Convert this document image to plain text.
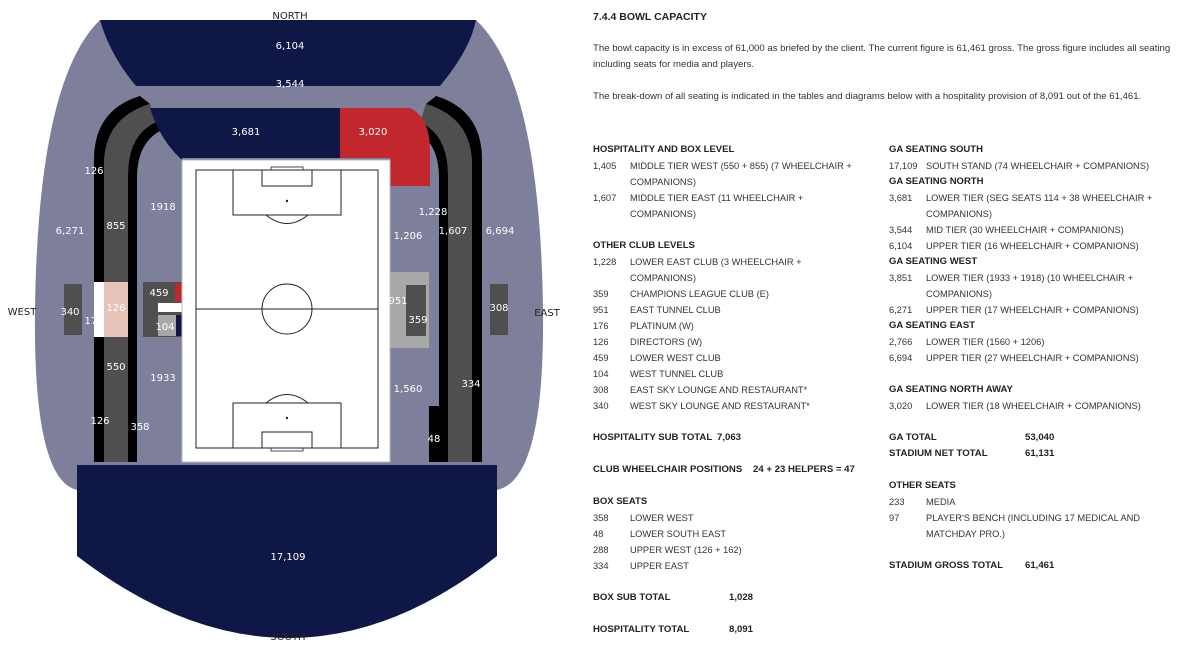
NORTH
SOUTH
EAST
WEST
6,104
3,544
3,681	3,020
6,271	6,694
17,109
126
855
550
126
358
1918
1933
459
104
126
176
340
1,228
1,206 1,607
1,560
951
359
308
334
48
7.4.4 BOWL CAPACITY
The bowl capacity is in excess of 61,000 as briefed by the client. The current figure is 61,461 gross. The gross figure includes all seating including seats for media and players.
The break-down of all seating is indicated in the tables and diagrams below with a hospitality provision of 8,091 out of the 61,461.
HOSPITALITY AND BOX LEVEL
1,405	MIDDLE TIER WEST (550 + 855) (7 WHEELCHAIR + COMPANIONS)
1,607	MIDDLE TIER EAST (11 WHEELCHAIR + COMPANIONS)
OTHER CLUB LEVELS
1,228	LOWER EAST CLUB (3 WHEELCHAIR + COMPANIONS)
359	CHAMPIONS LEAGUE CLUB (E)
951	EAST TUNNEL CLUB
176	PLATINUM (W)
126	DIRECTORS (W)
459	LOWER WEST CLUB
104	WEST TUNNEL CLUB
308	EAST SKY LOUNGE AND RESTAURANT*
340	WEST SKY LOUNGE AND RESTAURANT*
HOSPITALITY SUB TOTAL 7,063
CLUB WHEELCHAIR POSITIONS	24 + 23 HELPERS = 47
BOX SEATS
358	LOWER WEST
48	LOWER SOUTH EAST
288	UPPER WEST (126 + 162)
334	UPPER EAST
BOX SUB TOTAL	1,028
HOSPITALITY TOTAL	8,091
GA SEATING SOUTH
17,109 SOUTH STAND (74 WHEELCHAIR + COMPANIONS)
GA SEATING NORTH
3,681	LOWER TIER (SEG SEATS 114 + 38 WHEELCHAIR + COMPANIONS)
3,544	MID TIER (30 WHEELCHAIR + COMPANIONS)
6,104	UPPER TIER (16 WHEELCHAIR + COMPANIONS)
GA SEATING WEST
3,851	LOWER TIER (1933 + 1918) (10 WHEELCHAIR + COMPANIONS)
6,271	UPPER TIER (17 WHEELCHAIR + COMPANIONS)
GA SEATING EAST
2,766	LOWER TIER (1560 + 1206)
6,694	UPPER TIER (27 WHEELCHAIR + COMPANIONS)
GA SEATING NORTH AWAY
3,020	LOWER TIER (18 WHEELCHAIR + COMPANIONS)
GA TOTAL	53,040
STADIUM NET TOTAL	61,131
OTHER SEATS
233	MEDIA
97	PLAYER'S BENCH (INCLUDING 17 MEDICAL AND MATCHDAY PRO.)
STADIUM GROSS TOTAL	61,461
